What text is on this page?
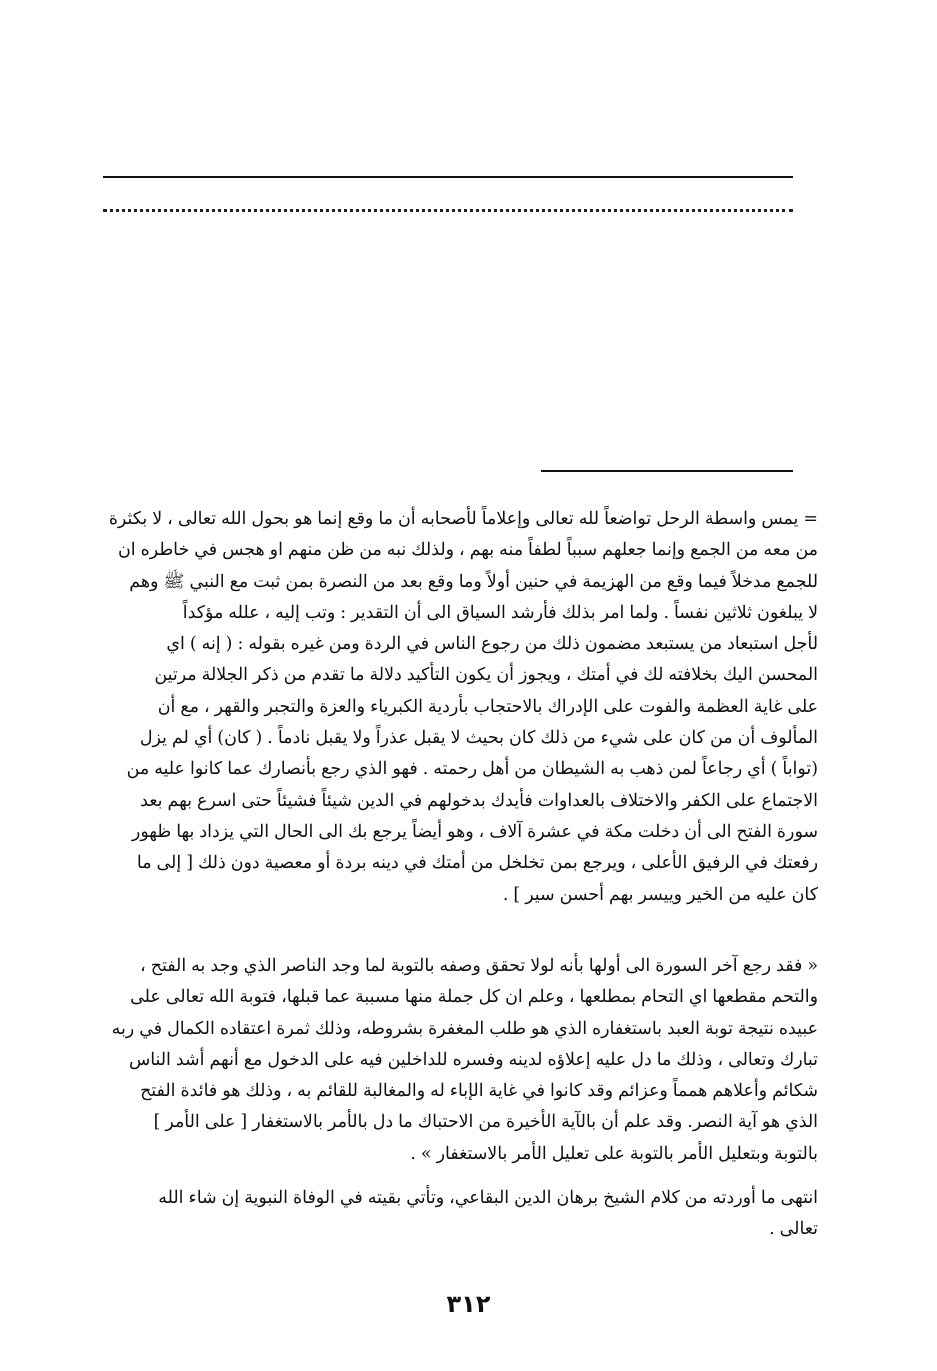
= يمس واسطة الرحل تواضعاً لله تعالى وإعلاماً لأصحابه أن ما وقع إنما هو بحول الله تعالى ، لا بكثرة
من معه من الجمع وإنما جعلهم سبباً لطفاً منه بهم ، ولذلك نبه من ظن منهم او هجس في خاطره ان
للجمع مدخلاً فيما وقع من الهزيمة في حنين أولاً وما وقع بعد من النصرة بمن ثبت مع النبي ﷺ وهم
لا يبلغون ثلاثين نفساً . ولما امر بذلك فأرشد السياق الى أن التقدير : وتب إليه ، علله مؤكداً
لأجل استبعاد من يستبعد مضمون ذلك من رجوع الناس في الردة ومن غيره بقوله : ( إنه ) اي
المحسن اليك بخلافته لك في أمتك ، ويجوز أن يكون التأكيد دلالة ما تقدم من ذكر الجلالة مرتين
على غاية العظمة والفوت على الإدراك بالاحتجاب بأردية الكبرياء والعزة والتجبر والقهر ، مع أن
المألوف أن من كان على شيء من ذلك كان بحيث لا يقبل عذراً ولا يقبل نادماً . ( كان) أي لم يزل
(تواباً ) أي رجاعاً لمن ذهب به الشيطان من أهل رحمته . فهو الذي رجع بأنصارك عما كانوا عليه من
الاجتماع على الكفر والاختلاف بالعداوات فأيدك بدخولهم في الدين شيئاً فشيئاً حتى اسرع بهم بعد
سورة الفتح الى أن دخلت مكة في عشرة آلاف ، وهو أيضاً يرجع بك الى الحال التي يزداد بها ظهور
رفعتك في الرفيق الأعلى ، ويرجع بمن تخلخل من أمتك في دينه بردة أو معصية دون ذلك [ إلى ما
كان عليه من الخير وييسر بهم أحسن سير ] .
« فقد رجع آخر السورة الى أولها بأنه لولا تحقق وصفه بالتوبة لما وجد الناصر الذي وجد به الفتح ،
والتحم مقطعها اي التحام بمطلعها ، وعلم ان كل جملة منها مسببة عما قبلها، فتوبة الله تعالى على
عبيده نتيجة توبة العبد باستغفاره الذي هو طلب المغفرة بشروطه، وذلك ثمرة اعتقاده الكمال في ربه
تبارك وتعالى ، وذلك ما دل عليه إعلاؤه لدينه وفسره للداخلين فيه على الدخول مع أنهم أشد الناس
شكائم وأعلاهم همماً وعزائم وقد كانوا في غاية الإباء له والمغالبة للقائم به ، وذلك هو فائدة الفتح
الذي هو آية النصر. وقد علم أن بالآية الأخيرة من الاحتباك ما دل بالأمر بالاستغفار [ على الأمر ]
بالتوبة وبتعليل الأمر بالتوبة على تعليل الأمر بالاستغفار » .
انتهى ما أوردته من كلام الشيخ برهان الدين البقاعي، وتأتي بقيته في الوفاة النبوية إن شاء الله
تعالى .
٣١٢
